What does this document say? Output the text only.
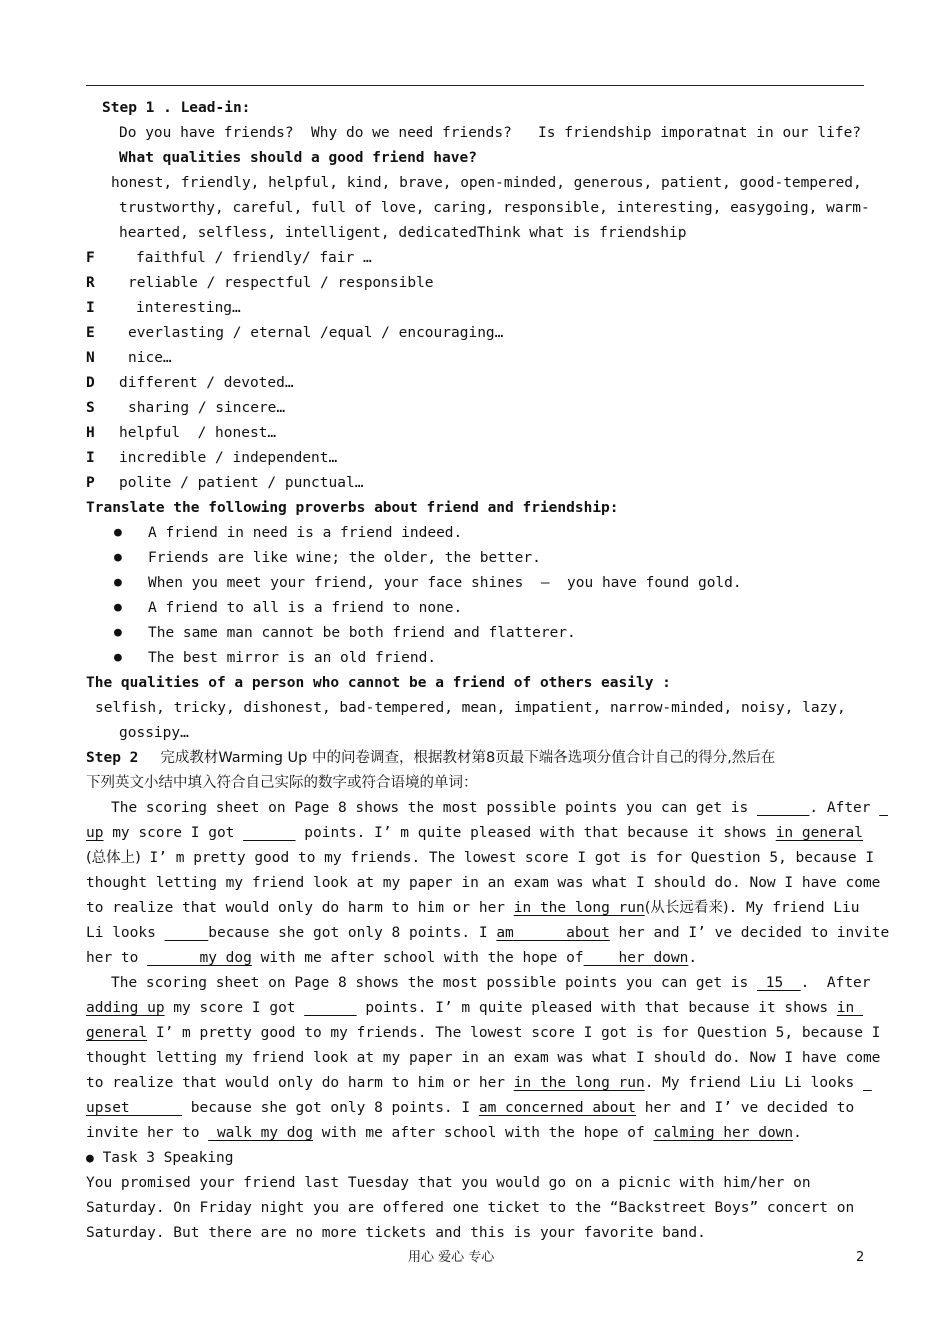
Step 1 . Lead-in:
Do you have friends?  Why do we need friends?   Is friendship imporatnat in our life?
What qualities should a good friend have?
honest, friendly, helpful, kind, brave, open-minded, generous, patient, good-tempered,
trustworthy, careful, full of love, caring, responsible, interesting, easygoing, warm-
hearted, selfless, intelligent, dedicatedThink what is friendship
F	faithful / friendly/ fair …
R reliable / respectful / responsible
I	interesting…
E everlasting / eternal /equal / encouraging…
N nice…
D different / devoted…
S sharing / sincere…
H helpful  / honest…
I incredible / independent…
P polite / patient / punctual…
Translate the following proverbs about friend and friendship:
● A friend in need is a friend indeed.
● Friends are like wine; the older, the better.
● When you meet your friend, your face shines  –  you have found gold.
● A friend to all is a friend to none.
● The same man cannot be both friend and flatterer.
● The best mirror is an old friend.
The qualities of a person who cannot be a friend of others easily :
selfish, tricky, dishonest, bad-tempered, mean, impatient, narrow-minded, noisy, lazy,
gossipy…
Step 2 完成教材Warming Up 中的问卷调查，根据教材第8页最下端各选项分值合计自己的得分,然后在
下列英文小结中填入符合自己实际的数字或符合语境的单词：
The scoring sheet on Page 8 shows the most possible points you can get is ______. After _
up my score I got ______ points. I’ m quite pleased with that because it shows in general
(总体上) I’ m pretty good to my friends. The lowest score I got is for Question 5, because I
thought letting my friend look at my paper in an exam was what I should do. Now I have come
to realize that would only do harm to him or her in the long run(从长远看来). My friend Liu
Li looks	because she got only 8 points. I am      about her and I’ ve decided to invite
her to       my dog with me after school with the hope of    her down.
The scoring sheet on Page 8 shows the most possible points you can get is  15  .  After
adding up my score I got ______ points. I’ m quite pleased with that because it shows in
general I’ m pretty good to my friends. The lowest score I got is for Question 5, because I
thought letting my friend look at my paper in an exam was what I should do. Now I have come
to realize that would only do harm to him or her in the long run. My friend Liu Li looks _
upset       because she got only 8 points. I am concerned about her and I’ ve decided to
invite her to  walk my dog with me after school with the hope of calming her down.
● Task 3 Speaking
You promised your friend last Tuesday that you would go on a picnic with him/her on
Saturday. On Friday night you are offered one ticket to the “Backstreet Boys” concert on
Saturday. But there are no more tickets and this is your favorite band.
用心 爱心 专心	2
